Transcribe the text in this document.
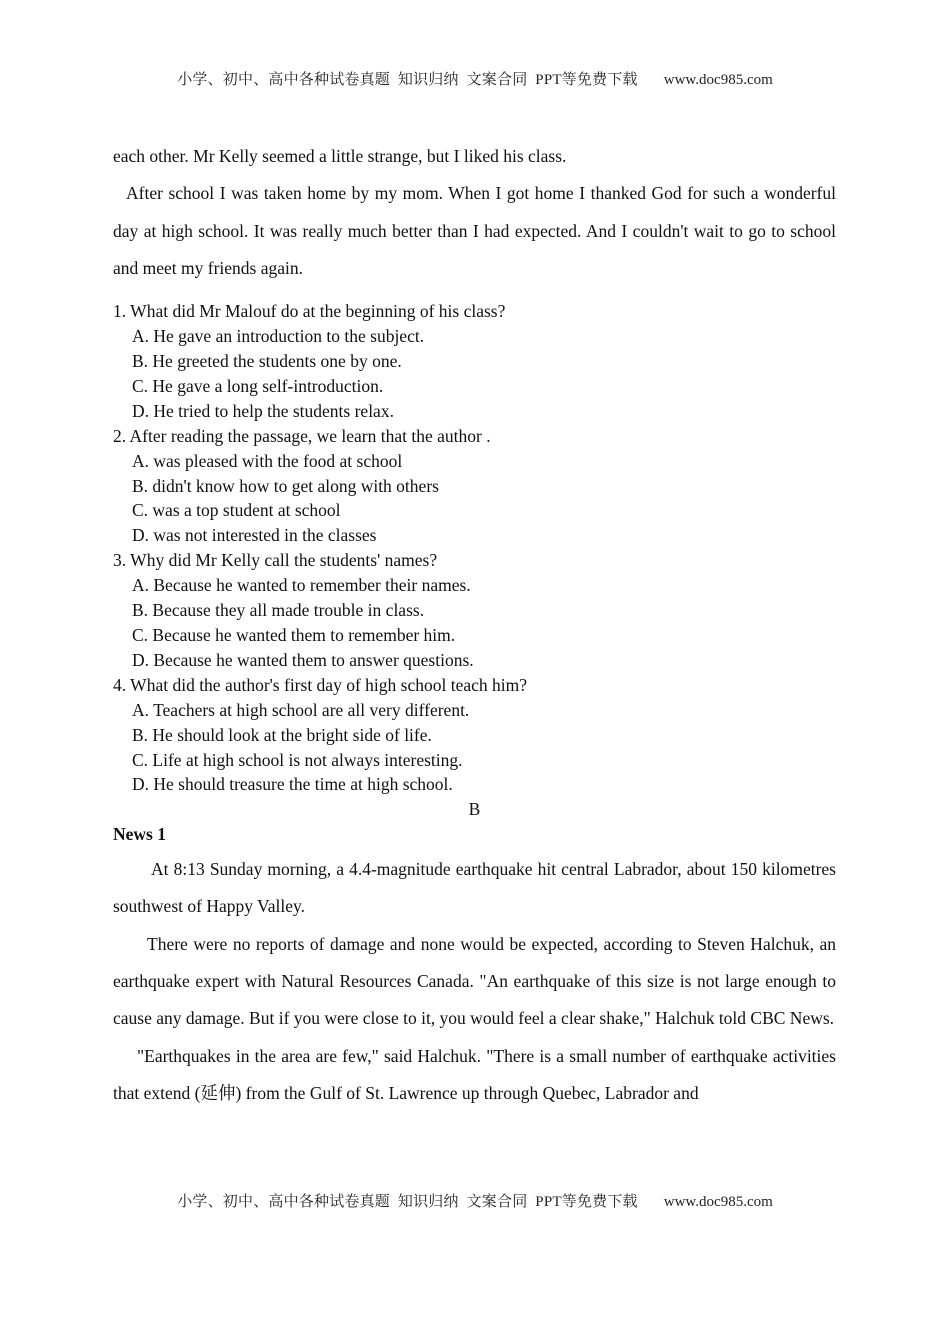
小学、初中、高中各种试卷真题  知识归纳  文案合同  PPT等免费下载 www.doc985.com

each other. Mr Kelly seemed a little strange, but I liked his class.

After school I was taken home by my mom. When I got home I thanked God for such a wonderful day at high school. It was really much better than I had expected. And I couldn't wait to go to school and meet my friends again.

1. What did Mr Malouf do at the beginning of his class?

A. He gave an introduction to the subject.

B. He greeted the students one by one.

C. He gave a long self-introduction.

D. He tried to help the students relax.

2. After reading the passage, we learn that the author .

A. was pleased with the food at school

B. didn't know how to get along with others

C. was a top student at school

D. was not interested in the classes

3. Why did Mr Kelly call the students' names?

A. Because he wanted to remember their names.

B. Because they all made trouble in class.

C. Because he wanted them to remember him.

D. Because he wanted them to answer questions.

4. What did the author's first day of high school teach him?

A. Teachers at high school are all very different.

B. He should look at the bright side of life.

C. Life at high school is not always interesting.

D. He should treasure the time at high school.

B

News 1

At 8:13 Sunday morning, a 4.4-magnitude earthquake hit central Labrador, about 150 kilometres southwest of Happy Valley.

There were no reports of damage and none would be expected, according to Steven Halchuk, an earthquake expert with Natural Resources Canada. "An earthquake of this size is not large enough to cause any damage. But if you were close to it, you would feel a clear shake," Halchuk told CBC News.

"Earthquakes in the area are few," said Halchuk. "There is a small number of earthquake activities that extend (延伸) from the Gulf of St. Lawrence up through Quebec, Labrador and

小学、初中、高中各种试卷真题  知识归纳  文案合同  PPT等免费下载 www.doc985.com
